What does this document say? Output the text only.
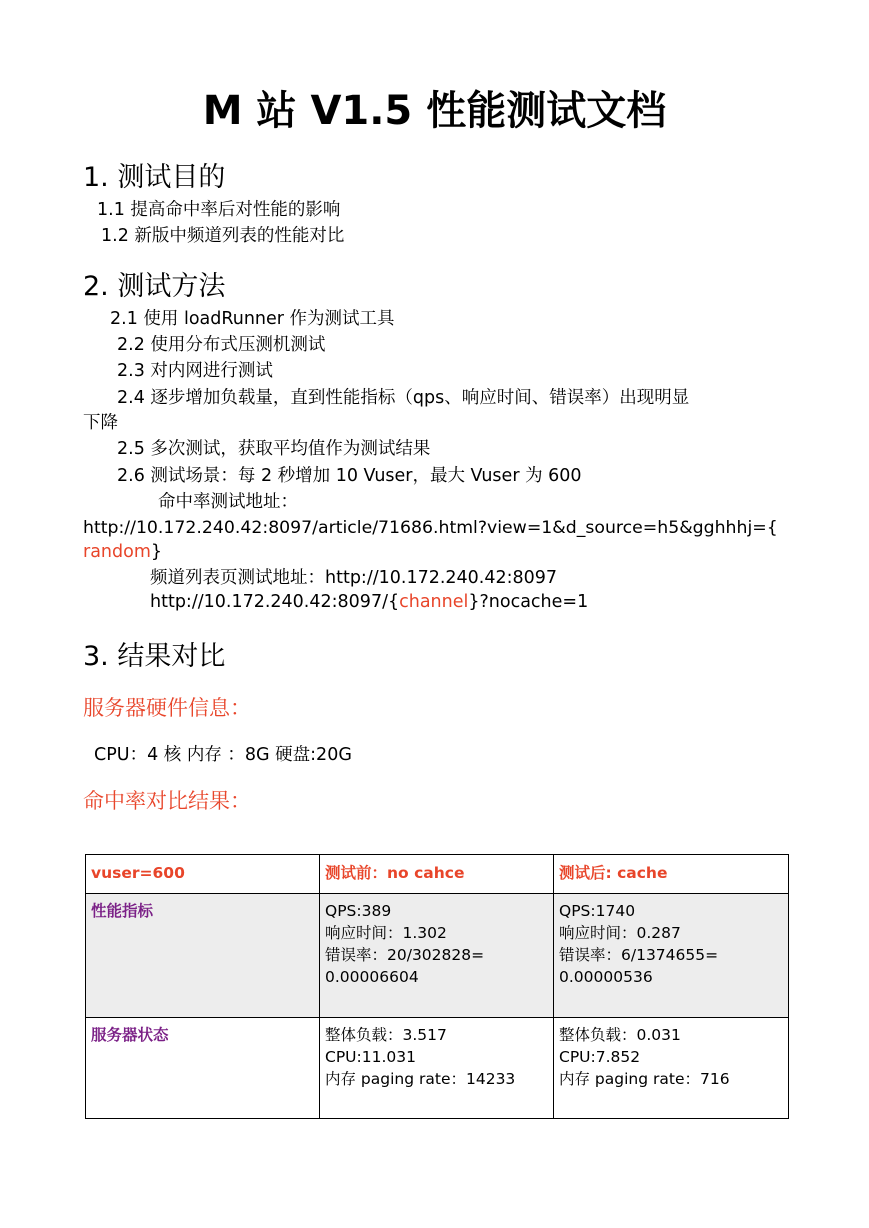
M 站 V1.5 性能测试文档
1. 测试目的
1.1 提高命中率后对性能的影响
1.2 新版中频道列表的性能对比
2. 测试方法
2.1 使用 loadRunner 作为测试工具
2.2 使用分布式压测机测试
2.3 对内网进行测试
2.4 逐步增加负载量，直到性能指标（qps、响应时间、错误率）出现明显
下降
2.5 多次测试，获取平均值作为测试结果
2.6 测试场景：每 2 秒增加 10 Vuser，最大 Vuser 为 600
命中率测试地址：
http://10.172.240.42:8097/article/71686.html?view=1&d_source=h5&gghhhj={
random}
频道列表页测试地址：http://10.172.240.42:8097
http://10.172.240.42:8097/{channel}?nocache=1
3. 结果对比
服务器硬件信息：
CPU：4 核 内存 ：8G 硬盘:20G
命中率对比结果：
vuser=600	测试前：no cahce	测试后: cache
性能指标	QPS:389
响应时间：1.302
错误率：20/302828=
0.00006604	QPS:1740
响应时间：0.287
错误率：6/1374655=
0.00000536

服务器状态	整体负载：3.517
CPU:11.031
内存 paging rate：14233	整体负载：0.031
CPU:7.852
内存 paging rate：716
